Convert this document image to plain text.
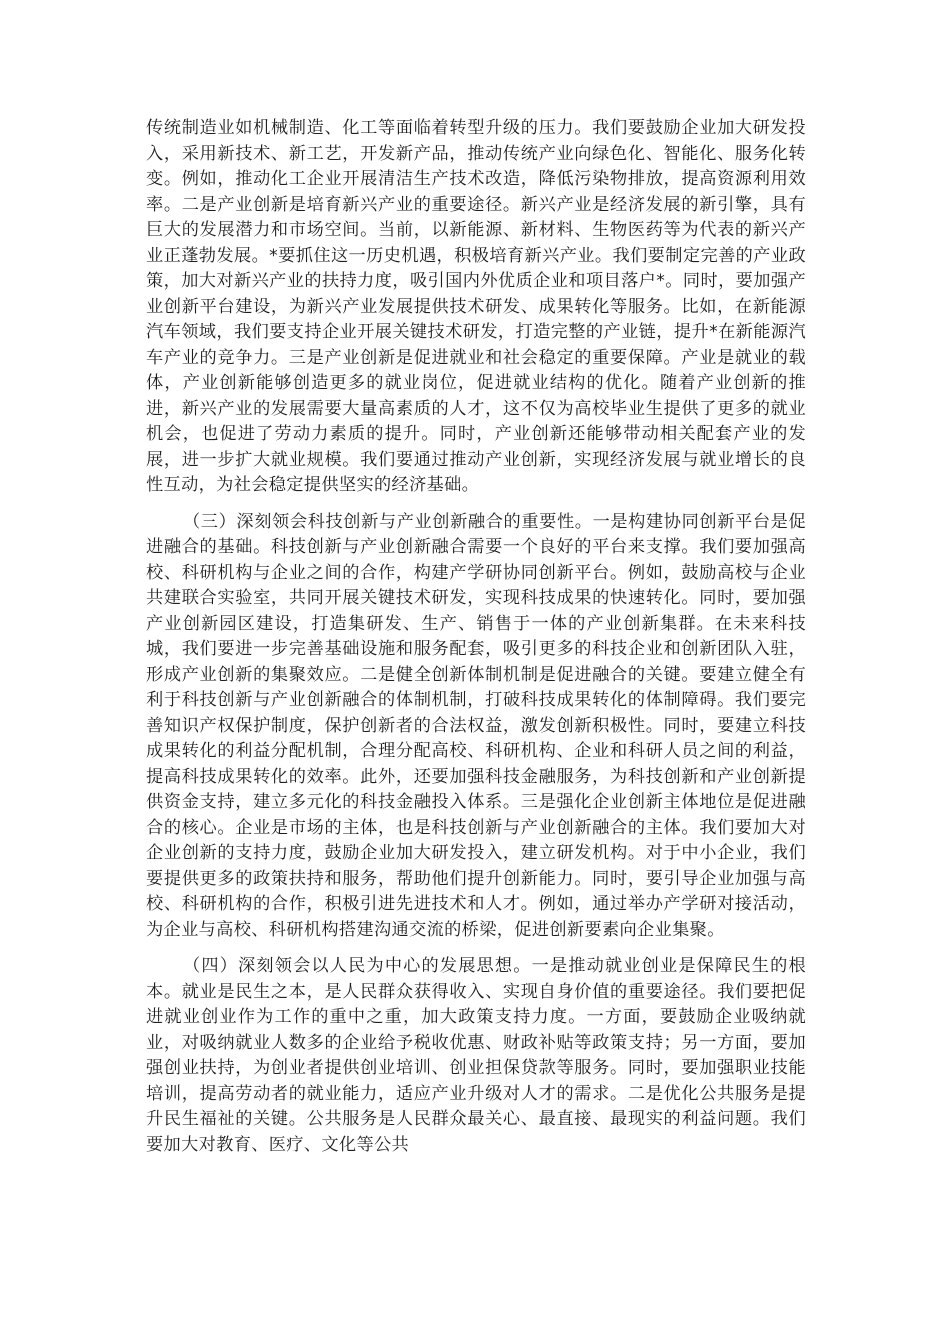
传统制造业如机械制造、化工等面临着转型升级的压力。我们要鼓励企业加大研发投入，采用新技术、新工艺，开发新产品，推动传统产业向绿色化、智能化、服务化转变。例如，推动化工企业开展清洁生产技术改造，降低污染物排放，提高资源利用效率。二是产业创新是培育新兴产业的重要途径。新兴产业是经济发展的新引擎，具有巨大的发展潜力和市场空间。当前，以新能源、新材料、生物医药等为代表的新兴产业正蓬勃发展。*要抓住这一历史机遇，积极培育新兴产业。我们要制定完善的产业政策，加大对新兴产业的扶持力度，吸引国内外优质企业和项目落户*。同时，要加强产业创新平台建设，为新兴产业发展提供技术研发、成果转化等服务。比如，在新能源汽车领域，我们要支持企业开展关键技术研发，打造完整的产业链，提升*在新能源汽车产业的竞争力。三是产业创新是促进就业和社会稳定的重要保障。产业是就业的载体，产业创新能够创造更多的就业岗位，促进就业结构的优化。随着产业创新的推进，新兴产业的发展需要大量高素质的人才，这不仅为高校毕业生提供了更多的就业机会，也促进了劳动力素质的提升。同时，产业创新还能够带动相关配套产业的发展，进一步扩大就业规模。我们要通过推动产业创新，实现经济发展与就业增长的良性互动，为社会稳定提供坚实的经济基础。

（三）深刻领会科技创新与产业创新融合的重要性。一是构建协同创新平台是促进融合的基础。科技创新与产业创新融合需要一个良好的平台来支撑。我们要加强高校、科研机构与企业之间的合作，构建产学研协同创新平台。例如，鼓励高校与企业共建联合实验室，共同开展关键技术研发，实现科技成果的快速转化。同时，要加强产业创新园区建设，打造集研发、生产、销售于一体的产业创新集群。在未来科技城，我们要进一步完善基础设施和服务配套，吸引更多的科技企业和创新团队入驻，形成产业创新的集聚效应。二是健全创新体制机制是促进融合的关键。要建立健全有利于科技创新与产业创新融合的体制机制，打破科技成果转化的体制障碍。我们要完善知识产权保护制度，保护创新者的合法权益，激发创新积极性。同时，要建立科技成果转化的利益分配机制，合理分配高校、科研机构、企业和科研人员之间的利益，提高科技成果转化的效率。此外，还要加强科技金融服务，为科技创新和产业创新提供资金支持，建立多元化的科技金融投入体系。三是强化企业创新主体地位是促进融合的核心。企业是市场的主体，也是科技创新与产业创新融合的主体。我们要加大对企业创新的支持力度，鼓励企业加大研发投入，建立研发机构。对于中小企业，我们要提供更多的政策扶持和服务，帮助他们提升创新能力。同时，要引导企业加强与高校、科研机构的合作，积极引进先进技术和人才。例如，通过举办产学研对接活动，为企业与高校、科研机构搭建沟通交流的桥梁，促进创新要素向企业集聚。

（四）深刻领会以人民为中心的发展思想。一是推动就业创业是保障民生的根本。就业是民生之本，是人民群众获得收入、实现自身价值的重要途径。我们要把促进就业创业作为工作的重中之重，加大政策支持力度。一方面，要鼓励企业吸纳就业，对吸纳就业人数多的企业给予税收优惠、财政补贴等政策支持；另一方面，要加强创业扶持，为创业者提供创业培训、创业担保贷款等服务。同时，要加强职业技能培训，提高劳动者的就业能力，适应产业升级对人才的需求。二是优化公共服务是提升民生福祉的关键。公共服务是人民群众最关心、最直接、最现实的利益问题。我们要加大对教育、医疗、文化等公共
